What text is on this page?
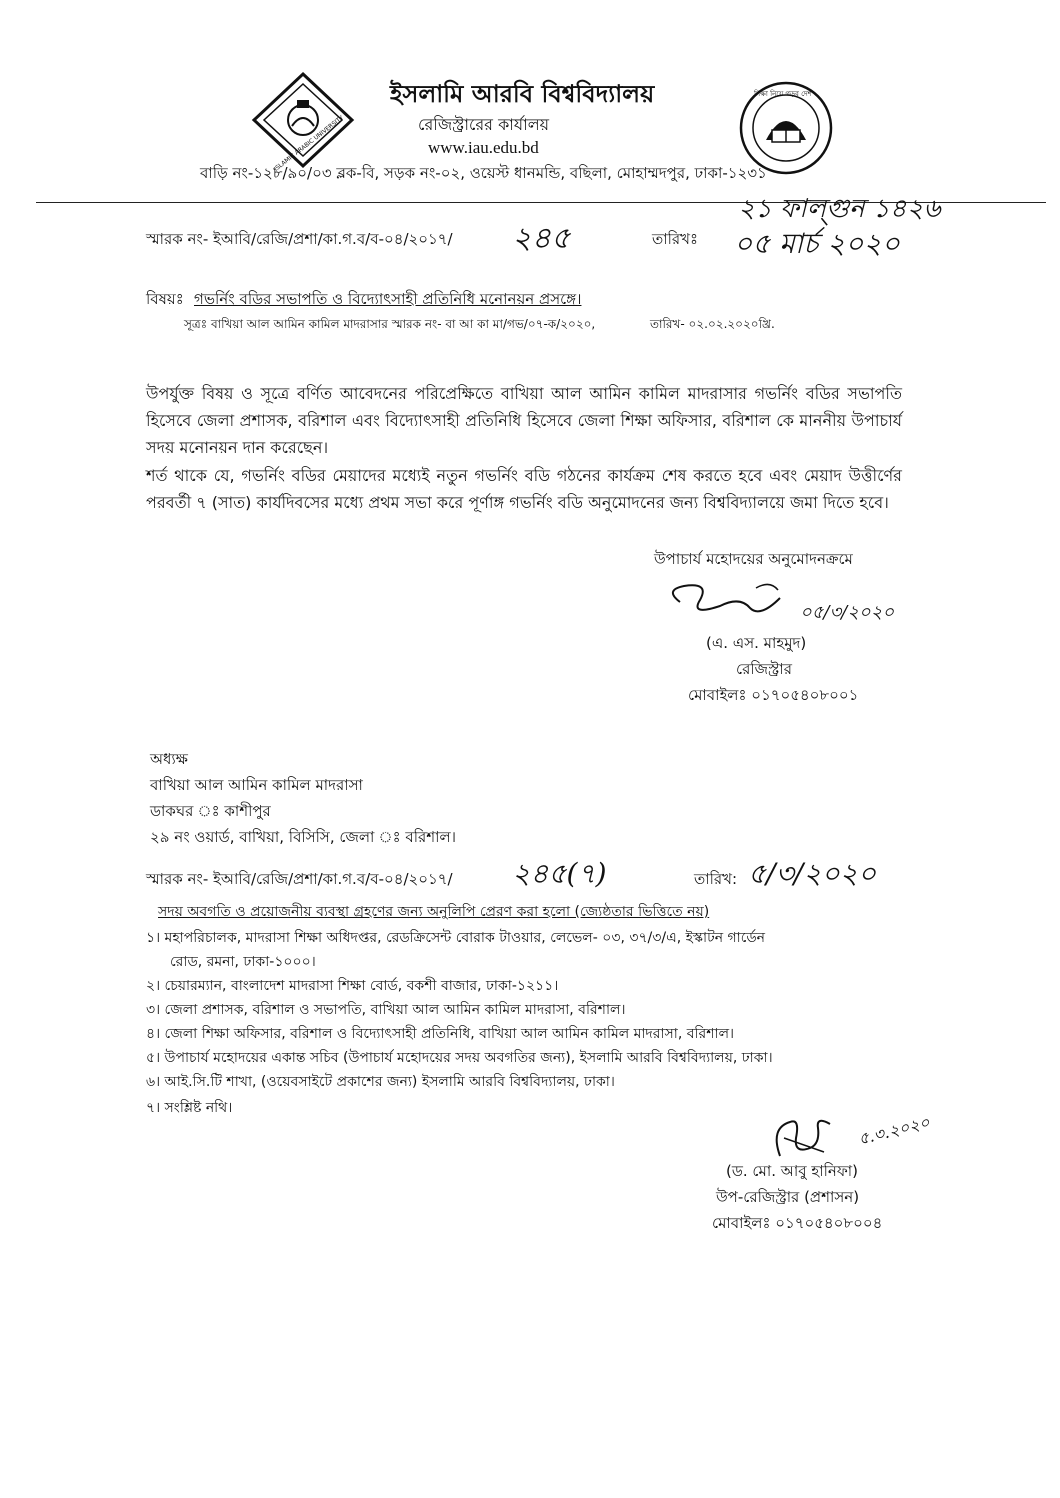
ISLAMIC ARABIC UNIVERSITY
শিক্ষা নিয়ে গড়ব দেশ
ইসলামি আরবি বিশ্ববিদ্যালয়
রেজিস্ট্রারের কার্যালয়
www.iau.edu.bd
বাড়ি নং-১২৮/৯০/০৩ ব্লক-বি, সড়ক নং-০২, ওয়েস্ট ধানমন্ডি, বছিলা, মোহাম্মদপুর, ঢাকা-১২৩১
স্মারক নং- ইআবি/রেজি/প্রশা/কা.গ.ব/ব-০৪/২০১৭/ ২৪৫	তারিখঃ
২১ ফাল্গুন ১৪২৬
০৫ মার্চ ২০২০
বিষয়ঃ গভর্নিং বডির সভাপতি ও বিদ্যোৎসাহী প্রতিনিধি মনোনয়ন প্রসঙ্গে।
সূত্রঃ বাখিয়া আল আমিন কামিল মাদরাসার স্মারক নং- বা আ কা মা/গভ/০৭-ক/২০২০,	তারিখ- ০২.০২.২০২০খ্রি.
উপর্যুক্ত বিষয় ও সূত্রে বর্ণিত আবেদনের পরিপ্রেক্ষিতে বাখিয়া আল আমিন কামিল মাদরাসার গভর্নিং বডির সভাপতি হিসেবে জেলা প্রশাসক, বরিশাল এবং বিদ্যোৎসাহী প্রতিনিধি হিসেবে জেলা শিক্ষা অফিসার, বরিশাল কে মাননীয় উপাচার্য সদয় মনোনয়ন দান করেছেন।
শর্ত থাকে যে, গভর্নিং বডির মেয়াদের মধ্যেই নতুন গভর্নিং বডি গঠনের কার্যক্রম শেষ করতে হবে এবং মেয়াদ উত্তীর্ণের পরবর্তী ৭ (সাত) কার্যদিবসের মধ্যে প্রথম সভা করে পূর্ণাঙ্গ গভর্নিং বডি অনুমোদনের জন্য বিশ্ববিদ্যালয়ে জমা দিতে হবে।
উপাচার্য মহোদয়ের অনুমোদনক্রমে
০৫/৩/২০২০
(এ. এস. মাহমুদ)
রেজিস্ট্রার
মোবাইলঃ ০১৭০৫৪০৮০০১
অধ্যক্ষ
বাখিয়া আল আমিন কামিল মাদরাসা
ডাকঘর ঃ কাশীপুর
২৯ নং ওয়ার্ড, বাখিয়া, বিসিসি, জেলা ঃ বরিশাল।
স্মারক নং- ইআবি/রেজি/প্রশা/কা.গ.ব/ব-০৪/২০১৭/ ২৪৫(৭)	তারিখ: ৫/৩/২০২০
সদয় অবগতি ও প্রয়োজনীয় ব্যবস্থা গ্রহণের জন্য অনুলিপি প্রেরণ করা হলো (জ্যেষ্ঠতার ভিত্তিতে নয়)
১। মহাপরিচালক, মাদরাসা শিক্ষা অধিদপ্তর, রেডক্রিসেন্ট বোরাক টাওয়ার, লেভেল- ০৩, ৩৭/৩/এ, ইস্কাটন গার্ডেন
রোড, রমনা, ঢাকা-১০০০।
২। চেয়ারম্যান, বাংলাদেশ মাদরাসা শিক্ষা বোর্ড, বকশী বাজার, ঢাকা-১২১১।
৩। জেলা প্রশাসক, বরিশাল ও সভাপতি, বাখিয়া আল আমিন কামিল মাদরাসা, বরিশাল।
৪। জেলা শিক্ষা অফিসার, বরিশাল ও বিদ্যোৎসাহী প্রতিনিধি, বাখিয়া আল আমিন কামিল মাদরাসা, বরিশাল।
৫। উপাচার্য মহোদয়ের একান্ত সচিব (উপাচার্য মহোদয়ের সদয় অবগতির জন্য), ইসলামি আরবি বিশ্ববিদ্যালয়, ঢাকা।
৬। আই.সি.টি শাখা, (ওয়েবসাইটে প্রকাশের জন্য) ইসলামি আরবি বিশ্ববিদ্যালয়, ঢাকা।
৭। সংশ্লিষ্ট নথি।
৫.৩.২০২০
(ড. মো. আবু হানিফা)
উপ-রেজিস্ট্রার (প্রশাসন)
মোবাইলঃ ০১৭০৫৪০৮০০৪
